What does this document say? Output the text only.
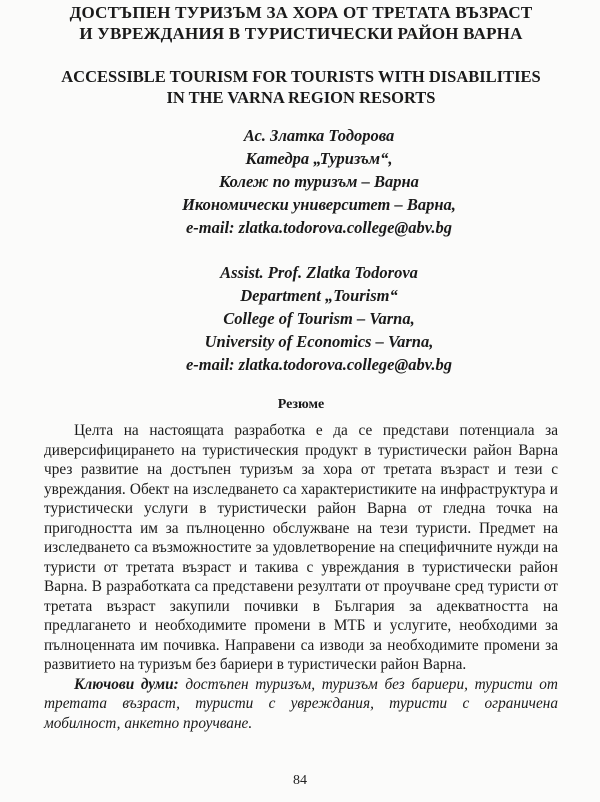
ДОСТЪПЕН ТУРИЗЪМ ЗА ХОРА ОТ ТРЕТАТА ВЪЗРАСТ
И УВРЕЖДАНИЯ В ТУРИСТИЧЕСКИ РАЙОН ВАРНА
ACCESSIBLE TOURISM FOR TOURISTS WITH DISABILITIES
IN THE VARNA REGION RESORTS
Ас. Златка Тодорова
Катедра „Туризъм“,
Колеж по туризъм – Варна
Икономически университет – Варна,
e-mail: zlatka.todorova.college@abv.bg
Assist. Prof. Zlatka Todorova
Department „Tourism“
College of Tourism – Varna,
University of Economics – Varna,
e-mail: zlatka.todorova.college@abv.bg
Резюме

Целта на настоящата разработка е да се представи потенциала за диверсифицирането на туристическия продукт в туристически район Варна чрез развитие на достъпен туризъм за хора от третата възраст и тези с увреждания. Обект на изследването са характеристиките на инфраструктура и туристически услуги в туристически район Варна от гледна точка на пригодността им за пълноценно обслужване на тези туристи. Предмет на изследването са възможностите за удовлетворение на специфичните нужди на туристи от третата възраст и такива с увреждания в туристически район Варна. В разработката са представени резултати от проучване сред туристи от третата възраст закупили почивки в България за адекватността на предлагането и необходимите промени в МТБ и услугите, необходими за пълноценната им почивка. Направени са изводи за необходимите промени за развитието на туризъм без бариери в туристически район Варна.

Ключови думи: достъпен туризъм, туризъм без бариери, туристи от третата възраст, туристи с увреждания, туристи с ограничена мобилност, анкетно проучване.

84
